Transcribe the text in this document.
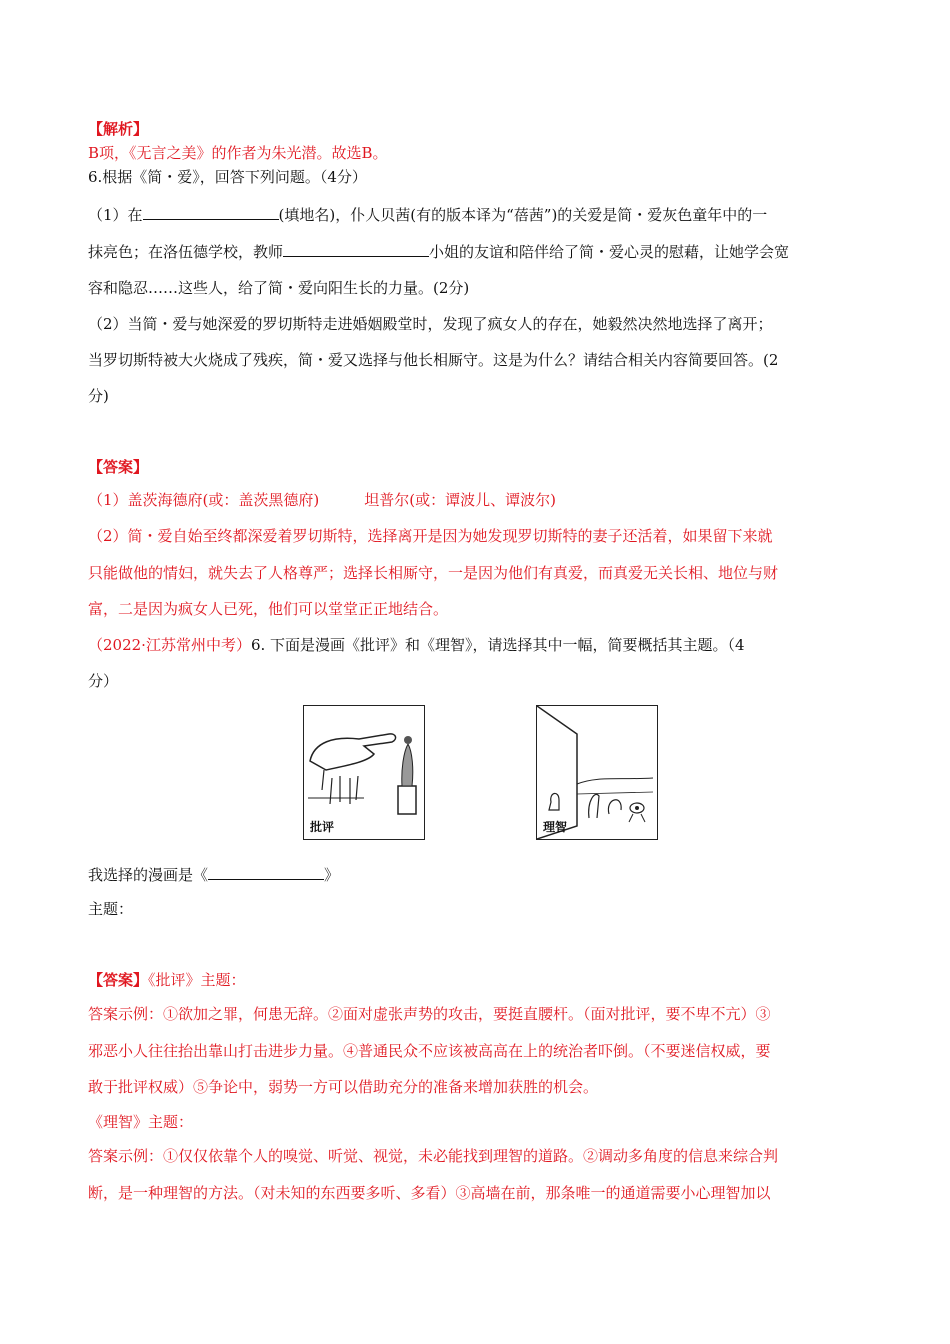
【解析】
B项，《无言之美》的作者为朱光潜。故选B。
6.根据《简・爱》，回答下列问题。（4分）
（1）在	(填地名)，仆人贝茜(有的版本译为“蓓茜”)的关爱是简・爱灰色童年中的一
抹亮色；在洛伍德学校，教师	小姐的友谊和陪伴给了简・爱心灵的慰藉，让她学会宽
容和隐忍……这些人，给了简・爱向阳生长的力量。(2分)
（2）当简・爱与她深爱的罗切斯特走进婚姻殿堂时，发现了疯女人的存在，她毅然决然地选择了离开；
当罗切斯特被大火烧成了残疾，简・爱又选择与他长相厮守。这是为什么？请结合相关内容简要回答。(2
分)
【答案】
（1）盖茨海德府(或：盖茨黑德府)　　　坦普尔(或：谭波儿、谭波尔)
（2）简・爱自始至终都深爱着罗切斯特，选择离开是因为她发现罗切斯特的妻子还活着，如果留下来就
只能做他的情妇，就失去了人格尊严；选择长相厮守，一是因为他们有真爱，而真爱无关长相、地位与财
富，二是因为疯女人已死，他们可以堂堂正正地结合。
（2022·江苏常州中考）6. 下面是漫画《批评》和《理智》，请选择其中一幅，简要概括其主题。（4
分）
批评	理智
我选择的漫画是《	》
主题：
【答案】《批评》主题：
答案示例：①欲加之罪，何患无辞。②面对虚张声势的攻击，要挺直腰杆。（面对批评，要不卑不亢）③
邪恶小人往往抬出靠山打击进步力量。④普通民众不应该被高高在上的统治者吓倒。（不要迷信权威，要
敢于批评权威）⑤争论中，弱势一方可以借助充分的准备来增加获胜的机会。
《理智》主题：
答案示例：①仅仅依靠个人的嗅觉、听觉、视觉，未必能找到理智的道路。②调动多角度的信息来综合判
断，是一种理智的方法。（对未知的东西要多听、多看）③高墙在前，那条唯一的通道需要小心理智加以
